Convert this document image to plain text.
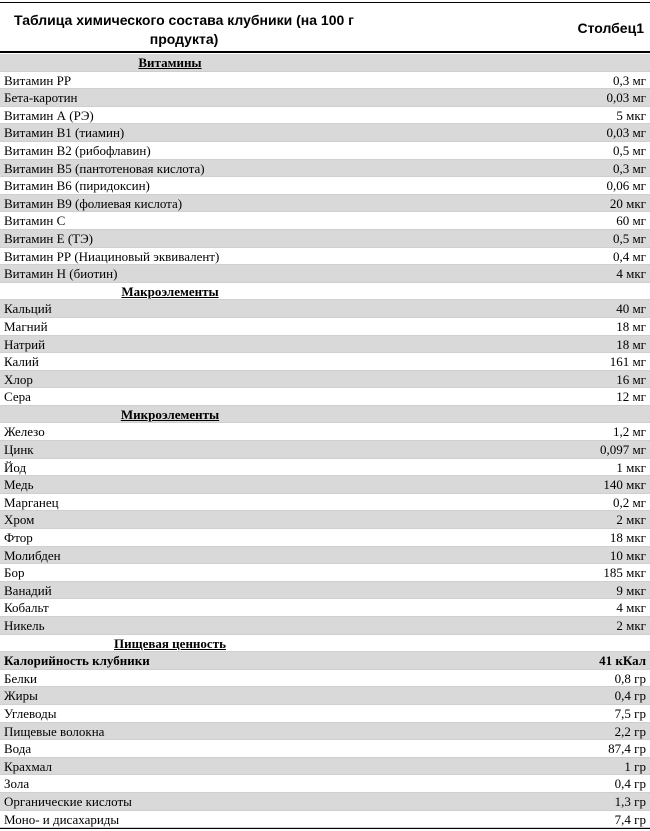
Таблица химического состава клубники (на 100 г продукта)
Столбец1
Витамины
Витамин PP	0,3 мг
Бета-каротин	0,03 мг
Витамин А (РЭ)	5 мкг
Витамин В1 (тиамин)	0,03 мг
Витамин В2 (рибофлавин)	0,5 мг
Витамин В5 (пантотеновая кислота)	0,3 мг
Витамин В6 (пиридоксин)	0,06 мг
Витамин В9 (фолиевая кислота)	20 мкг
Витамин C	60 мг
Витамин Е (ТЭ)	0,5 мг
Витамин РР (Ниациновый эквивалент)	0,4 мг
Витамин Н (биотин)	4 мкг
Макроэлементы
Кальций	40 мг
Магний	18 мг
Натрий	18 мг
Калий	161 мг
Хлор	16 мг
Сера	12 мг
Микроэлементы
Железо	1,2 мг
Цинк	0,097 мг
Йод	1 мкг
Медь	140 мкг
Марганец	0,2 мг
Хром	2 мкг
Фтор	18 мкг
Молибден	10 мкг
Бор	185 мкг
Ванадий	9 мкг
Кобальт	4 мкг
Никель	2 мкг
Пищевая ценность
Калорийность клубники	41 кКал
Белки	0,8 гр
Жиры	0,4 гр
Углеводы	7,5 гр
Пищевые волокна	2,2 гр
Вода	87,4 гр
Крахмал	1 гр
Зола	0,4 гр
Органические кислоты	1,3 гр
Моно- и дисахариды	7,4 гр
